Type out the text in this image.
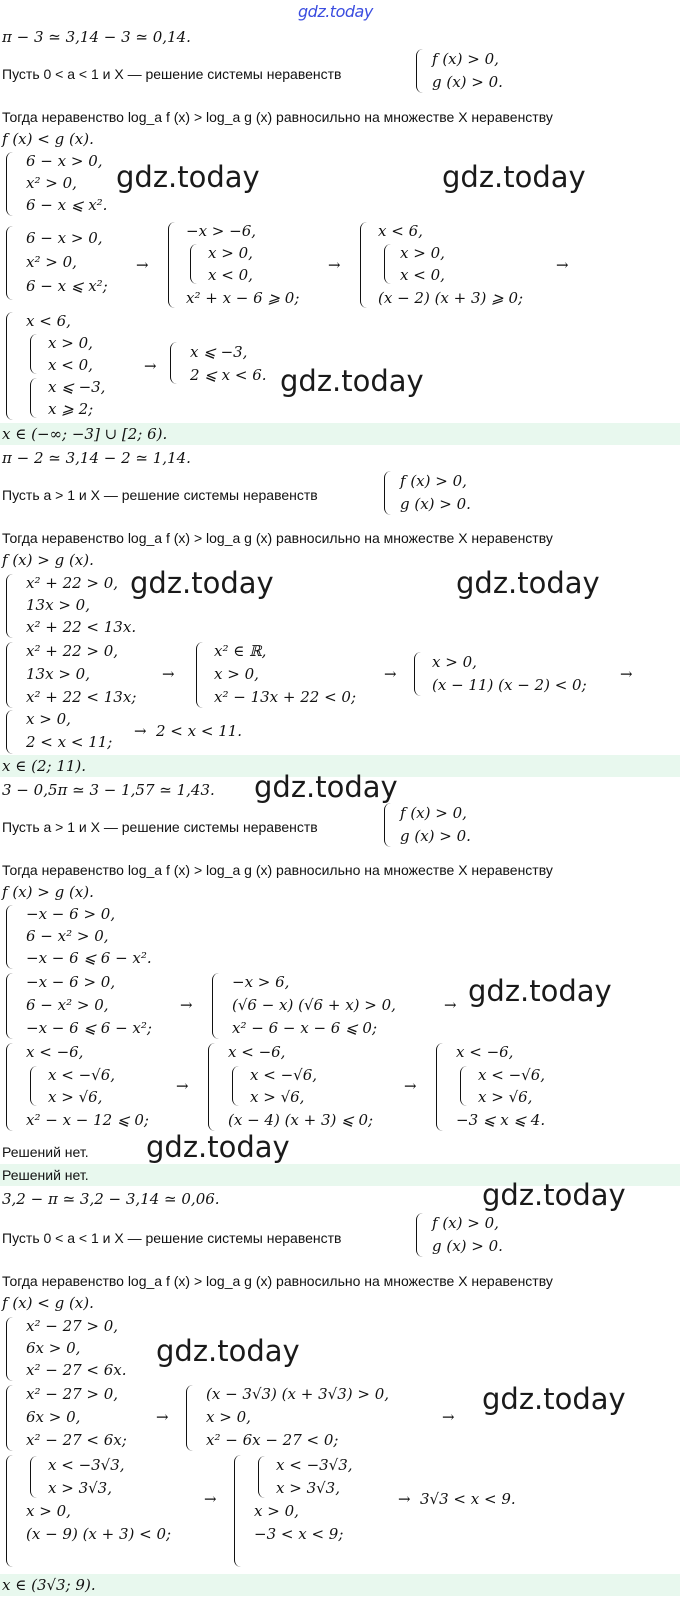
gdz.today
π − 3 ≃ 3,14 − 3 ≃ 0,14.
Пусть 0 < a < 1 и X — решение системы неравенств
f (x) > 0,
g (x) > 0.
Тогда неравенство log_a f (x) > log_a g (x) равносильно на множестве X неравенству
f (x) < g (x).
6 − x > 0,
x² > 0,
6 − x ⩽ x².
6 − x > 0,
x² > 0,
6 − x ⩽ x²;
→
−x > −6,
x > 0,
x < 0,
x² + x − 6 ⩾ 0;
→
x < 6,
x > 0,
x < 0,
(x − 2) (x + 3) ⩾ 0;
→
x < 6,
x > 0,
x < 0,
x ⩽ −3,
x ⩾ 2;
→
x ⩽ −3,
2 ⩽ x < 6.
x ∈ (−∞; −3] ∪ [2; 6).
π − 2 ≃ 3,14 − 2 ≃ 1,14.
Пусть a > 1 и X — решение системы неравенств
f (x) > 0,
g (x) > 0.
Тогда неравенство log_a f (x) > log_a g (x) равносильно на множестве X неравенству
f (x) > g (x).
x² + 22 > 0,
13x > 0,
x² + 22 < 13x.
x² + 22 > 0,
13x > 0,
x² + 22 < 13x;
→
x² ∈ ℝ,
x > 0,
x² − 13x + 22 < 0;
→
x > 0,
(x − 11) (x − 2) < 0;
→
x > 0,
2 < x < 11;
→ 2 < x < 11.
x ∈ (2; 11).
3 − 0,5π ≃ 3 − 1,57 ≃ 1,43.
Пусть a > 1 и X — решение системы неравенств
f (x) > 0,
g (x) > 0.
Тогда неравенство log_a f (x) > log_a g (x) равносильно на множестве X неравенству
f (x) > g (x).
−x − 6 > 0,
6 − x² > 0,
−x − 6 ⩽ 6 − x².
−x − 6 > 0,
6 − x² > 0,
−x − 6 ⩽ 6 − x²;
→
−x > 6,
(√6 − x) (√6 + x) > 0,
x² − 6 − x − 6 ⩽ 0;
→
x < −6,
x < −√6,
x > √6,
x² − x − 12 ⩽ 0;
→
x < −6,
x < −√6,
x > √6,
(x − 4) (x + 3) ⩽ 0;
→
x < −6,
x < −√6,
x > √6,
−3 ⩽ x ⩽ 4.
Решений нет.
Решений нет.
3,2 − π ≃ 3,2 − 3,14 ≃ 0,06.
Пусть 0 < a < 1 и X — решение системы неравенств
f (x) > 0,
g (x) > 0.
Тогда неравенство log_a f (x) > log_a g (x) равносильно на множестве X неравенству
f (x) < g (x).
x² − 27 > 0,
6x > 0,
x² − 27 < 6x.
x² − 27 > 0,
6x > 0,
x² − 27 < 6x;
→
(x − 3√3) (x + 3√3) > 0,
x > 0,
x² − 6x − 27 < 0;
→
x < −3√3,
x > 3√3,
x > 0,
(x − 9) (x + 3) < 0;
→
x < −3√3,
x > 3√3,
x > 0,
−3 < x < 9;
→ 3√3 < x < 9.
x ∈ (3√3; 9).
gdz.today	gdz.today
gdz.today
gdz.today	gdz.today
gdz.today
gdz.today
gdz.today
gdz.today
gdz.today
gdz.today
